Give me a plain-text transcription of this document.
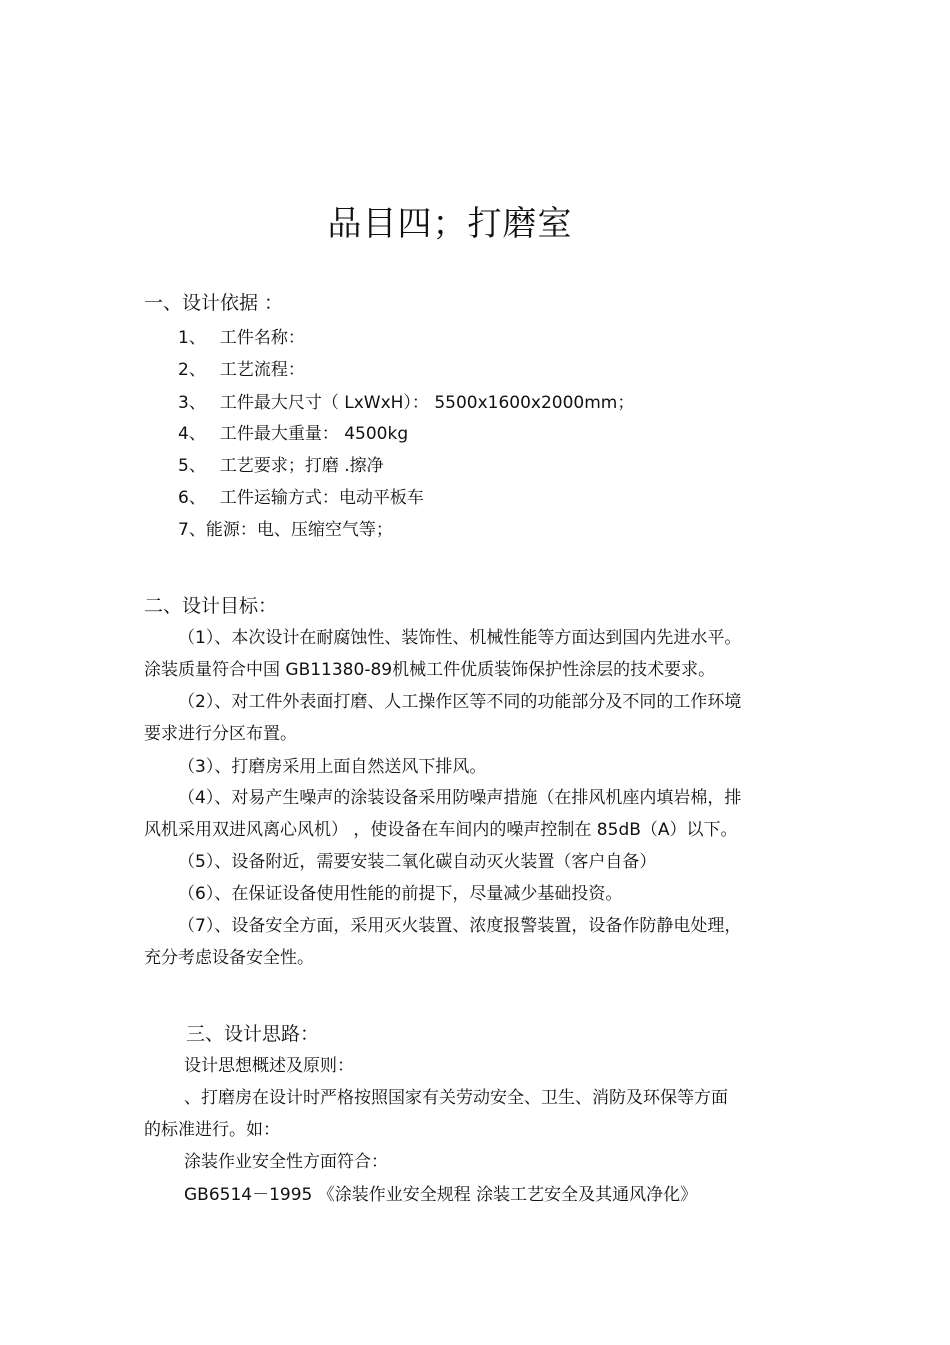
品目四；打磨室
一、设计依据 ：
1、 工件名称：
2、 工艺流程：
3、 工件最大尺寸（ LxWxH）： 5500x1600x2000mm；
4、 工件最大重量： 4500kg
5、 工艺要求；打磨 .擦净
6、 工件运输方式：电动平板车
7、能源：电、压缩空气等；
二、设计目标：
（1）、本次设计在耐腐蚀性、装饰性、机械性能等方面达到国内先进水平。
涂装质量符合中国 GB11380-89机械工件优质装饰保护性涂层的技术要求。
（2）、对工件外表面打磨、人工操作区等不同的功能部分及不同的工作环境
要求进行分区布置。
（3）、打磨房采用上面自然送风下排风。
（4）、对易产生噪声的涂装设备采用防噪声措施（在排风机座内填岩棉，排
风机采用双进风离心风机） ，使设备在车间内的噪声控制在 85dB（A）以下。
（5）、设备附近，需要安装二氧化碳自动灭火装置（客户自备）
（6）、在保证设备使用性能的前提下，尽量减少基础投资。
（7）、设备安全方面，采用灭火装置、浓度报警装置，设备作防静电处理，
充分考虑设备安全性。
三、设计思路：
设计思想概述及原则：
、打磨房在设计时严格按照国家有关劳动安全、卫生、消防及环保等方面
的标准进行。如：
涂装作业安全性方面符合：
GB6514－1995 《涂装作业安全规程 涂装工艺安全及其通风净化》
